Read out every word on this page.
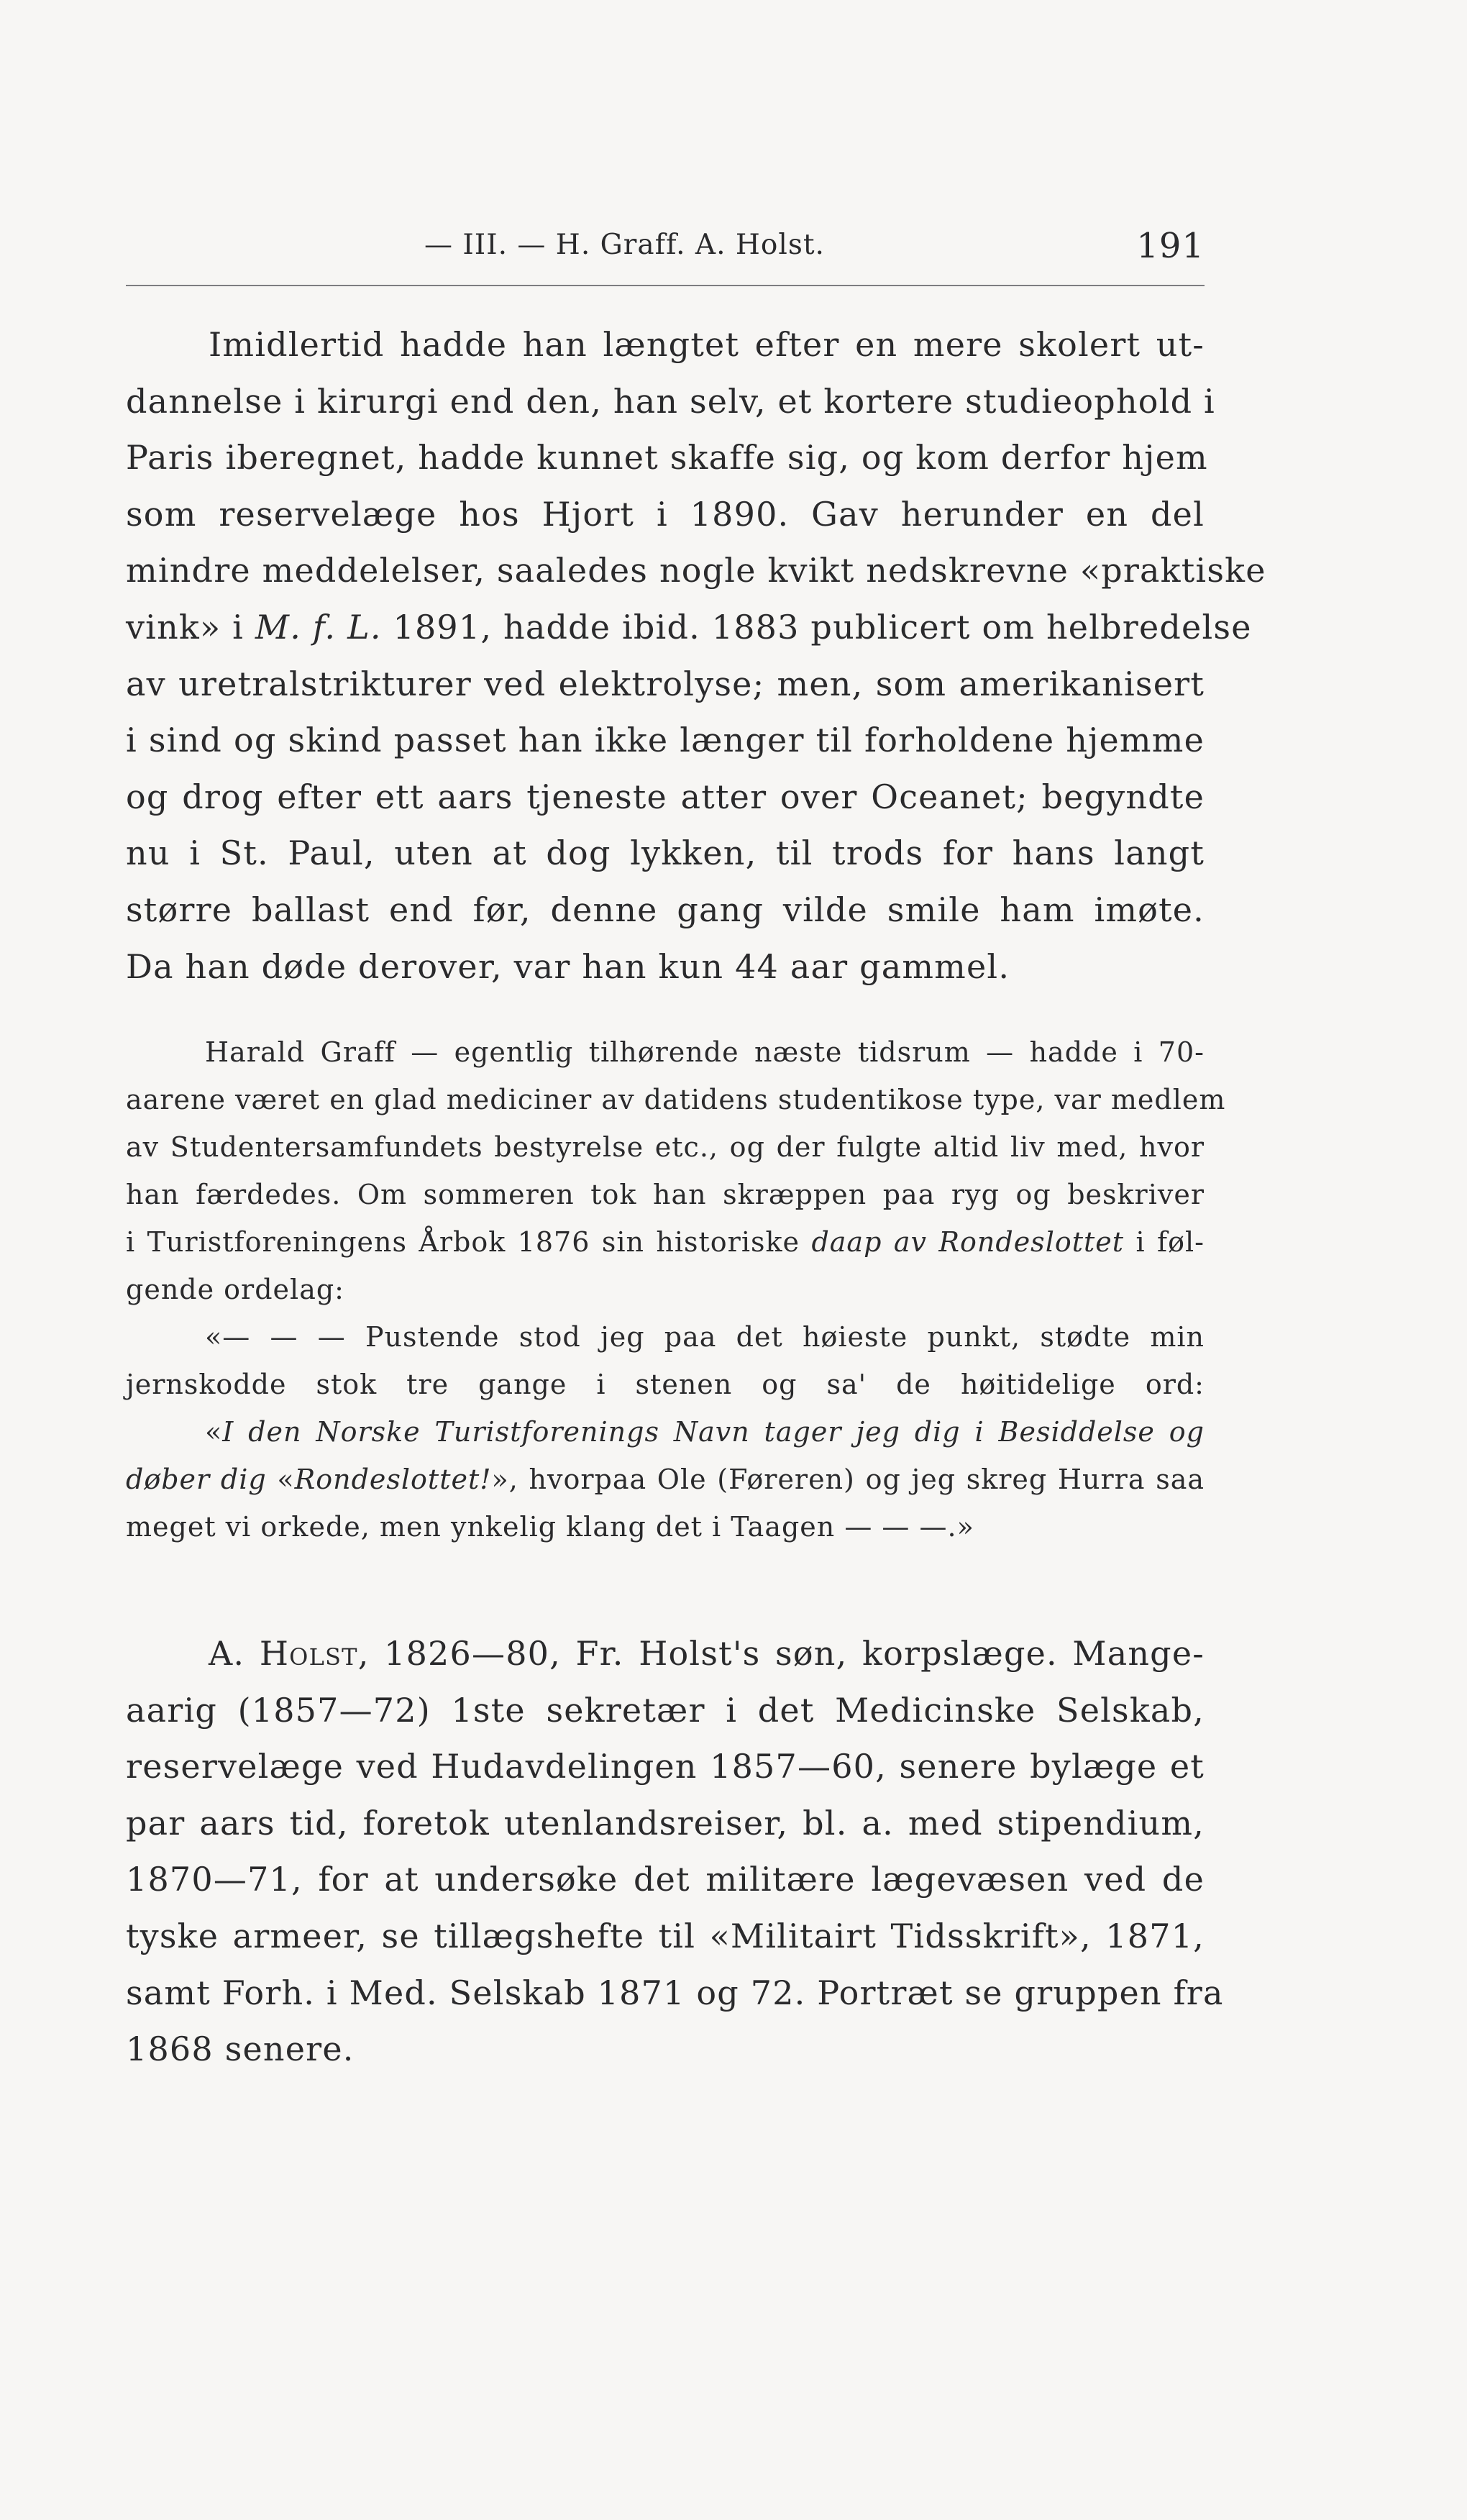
— III. — H. Graff. A. Holst.	191
Imidlertid hadde han længtet efter en mere skolert ut-
dannelse i kirurgi end den, han selv, et kortere studieophold i
Paris iberegnet, hadde kunnet skaffe sig, og kom derfor hjem
som reservelæge hos Hjort i 1890. Gav herunder en del
mindre meddelelser, saaledes nogle kvikt nedskrevne «praktiske
vink» i M. f. L. 1891, hadde ibid. 1883 publicert om helbredelse
av uretralstrikturer ved elektrolyse; men, som amerikanisert
i sind og skind passet han ikke længer til forholdene hjemme
og drog efter ett aars tjeneste atter over Oceanet; begyndte
nu i St. Paul, uten at dog lykken, til trods for hans langt
større ballast end før, denne gang vilde smile ham imøte.
Da han døde derover, var han kun 44 aar gammel.
Harald Graff — egentlig tilhørende næste tidsrum — hadde i 70-
aarene været en glad mediciner av datidens studentikose type, var medlem
av Studentersamfundets bestyrelse etc., og der fulgte altid liv med, hvor
han færdedes. Om sommeren tok han skræppen paa ryg og beskriver
i Turistforeningens Årbok 1876 sin historiske daap av Rondeslottet i føl-
gende ordelag:
«— — — Pustende stod jeg paa det høieste punkt, stødte min
jernskodde stok tre gange i stenen og sa' de høitidelige ord:
«I den Norske Turistforenings Navn tager jeg dig i Besiddelse og
døber dig «Rondeslottet!», hvorpaa Ole (Føreren) og jeg skreg Hurra saa
meget vi orkede, men ynkelig klang det i Taagen — — —.»
A. Holst, 1826—80, Fr. Holst's søn, korpslæge. Mange-
aarig (1857—72) 1ste sekretær i det Medicinske Selskab,
reservelæge ved Hudavdelingen 1857—60, senere bylæge et
par aars tid, foretok utenlandsreiser, bl. a. med stipendium,
1870—71, for at undersøke det militære lægevæsen ved de
tyske armeer, se tillægshefte til «Militairt Tidsskrift», 1871,
samt Forh. i Med. Selskab 1871 og 72. Portræt se gruppen fra
1868 senere.
